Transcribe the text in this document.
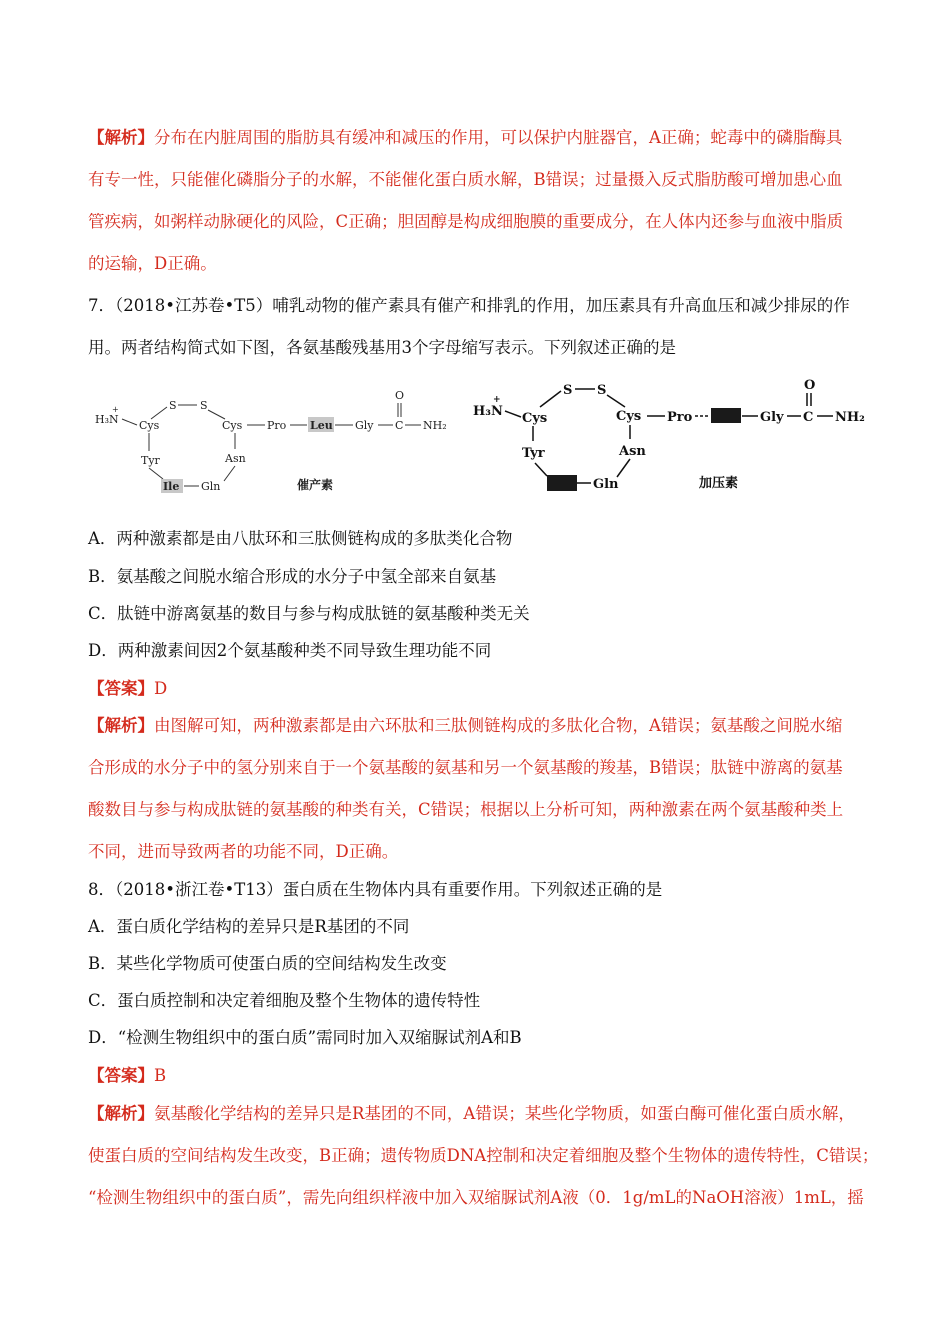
【解析】分布在内脏周围的脂肪具有缓冲和减压的作用，可以保护内脏器官，A正确；蛇毒中的磷脂酶具
有专一性，只能催化磷脂分子的水解，不能催化蛋白质水解，B错误；过量摄入反式脂肪酸可增加患心血
管疾病，如粥样动脉硬化的风险，C正确；胆固醇是构成细胞膜的重要成分，在人体内还参与血液中脂质
的运输，D正确。
7．（2018•江苏卷•T5）哺乳动物的催产素具有催产和排乳的作用，加压素具有升高血压和减少排尿的作
用。两者结构简式如下图，各氨基酸残基用3个字母缩写表示。下列叙述正确的是
H₃N
+
Cys
S S
Cys
Tyr	Asn
Ile Gln
Pro Leu Gly C
O
NH₂
催产素
H₃N
+
Cys
S S
Cys
Tyr	Asn
Gln
Pro	Gly C
O
NH₂
加压素
A．两种激素都是由八肽环和三肽侧链构成的多肽类化合物
B．氨基酸之间脱水缩合形成的水分子中氢全部来自氨基
C．肽链中游离氨基的数目与参与构成肽链的氨基酸种类无关
D．两种激素间因2个氨基酸种类不同导致生理功能不同
【答案】D
【解析】由图解可知，两种激素都是由六环肽和三肽侧链构成的多肽化合物，A错误；氨基酸之间脱水缩
合形成的水分子中的氢分别来自于一个氨基酸的氨基和另一个氨基酸的羧基，B错误；肽链中游离的氨基
酸数目与参与构成肽链的氨基酸的种类有关，C错误；根据以上分析可知，两种激素在两个氨基酸种类上
不同，进而导致两者的功能不同，D正确。
8．（2018•浙江卷•T13）蛋白质在生物体内具有重要作用。下列叙述正确的是
A．蛋白质化学结构的差异只是R基团的不同
B．某些化学物质可使蛋白质的空间结构发生改变
C．蛋白质控制和决定着细胞及整个生物体的遗传特性
D．“检测生物组织中的蛋白质”需同时加入双缩脲试剂A和B
【答案】B
【解析】氨基酸化学结构的差异只是R基团的不同，A错误；某些化学物质，如蛋白酶可催化蛋白质水解，
使蛋白质的空间结构发生改变，B正确；遗传物质DNA控制和决定着细胞及整个生物体的遗传特性，C错误；
“检测生物组织中的蛋白质”，需先向组织样液中加入双缩脲试剂A液（0．1g/mL的NaOH溶液）1mL，摇
